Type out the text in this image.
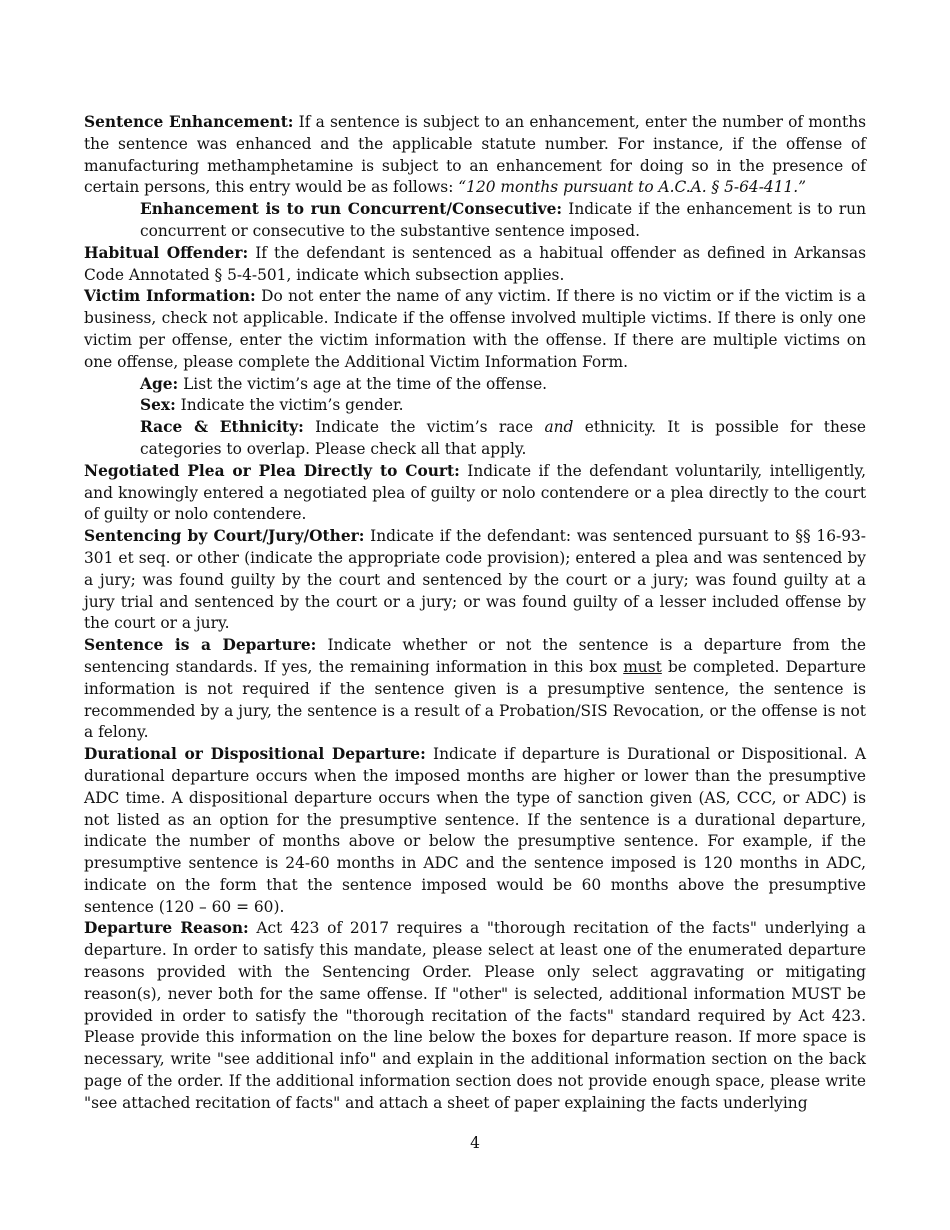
Sentence Enhancement: If a sentence is subject to an enhancement, enter the number of months the sentence was enhanced and the applicable statute number. For instance, if the offense of manufacturing methamphetamine is subject to an enhancement for doing so in the presence of certain persons, this entry would be as follows: “120 months pursuant to A.C.A. § 5-64-411.”

Enhancement is to run Concurrent/Consecutive: Indicate if the enhancement is to run concurrent or consecutive to the substantive sentence imposed.

Habitual Offender: If the defendant is sentenced as a habitual offender as defined in Arkansas Code Annotated § 5-4-501, indicate which subsection applies.

Victim Information: Do not enter the name of any victim. If there is no victim or if the victim is a business, check not applicable. Indicate if the offense involved multiple victims. If there is only one victim per offense, enter the victim information with the offense. If there are multiple victims on one offense, please complete the Additional Victim Information Form.

Age: List the victim’s age at the time of the offense.

Sex: Indicate the victim’s gender.

Race & Ethnicity: Indicate the victim’s race and ethnicity. It is possible for these categories to overlap. Please check all that apply.

Negotiated Plea or Plea Directly to Court: Indicate if the defendant voluntarily, intelligently, and knowingly entered a negotiated plea of guilty or nolo contendere or a plea directly to the court of guilty or nolo contendere.

Sentencing by Court/Jury/Other: Indicate if the defendant: was sentenced pursuant to §§ 16-93-301 et seq. or other (indicate the appropriate code provision); entered a plea and was sentenced by a jury; was found guilty by the court and sentenced by the court or a jury; was found guilty at a jury trial and sentenced by the court or a jury; or was found guilty of a lesser included offense by the court or a jury.

Sentence is a Departure: Indicate whether or not the sentence is a departure from the sentencing standards. If yes, the remaining information in this box must be completed. Departure information is not required if the sentence given is a presumptive sentence, the sentence is recommended by a jury, the sentence is a result of a Probation/SIS Revocation, or the offense is not a felony.

Durational or Dispositional Departure: Indicate if departure is Durational or Dispositional. A durational departure occurs when the imposed months are higher or lower than the presumptive ADC time. A dispositional departure occurs when the type of sanction given (AS, CCC, or ADC) is not listed as an option for the presumptive sentence. If the sentence is a durational departure, indicate the number of months above or below the presumptive sentence. For example, if the presumptive sentence is 24-60 months in ADC and the sentence imposed is 120 months in ADC, indicate on the form that the sentence imposed would be 60 months above the presumptive sentence (120 – 60 = 60).

Departure Reason: Act 423 of 2017 requires a "thorough recitation of the facts" underlying a departure. In order to satisfy this mandate, please select at least one of the enumerated departure reasons provided with the Sentencing Order. Please only select aggravating or mitigating reason(s), never both for the same offense. If "other" is selected, additional information MUST be provided in order to satisfy the "thorough recitation of the facts" standard required by Act 423. Please provide this information on the line below the boxes for departure reason. If more space is necessary, write "see additional info" and explain in the additional information section on the back page of the order. If the additional information section does not provide enough space, please write "see attached recitation of facts" and attach a sheet of paper explaining the facts underlying

4
